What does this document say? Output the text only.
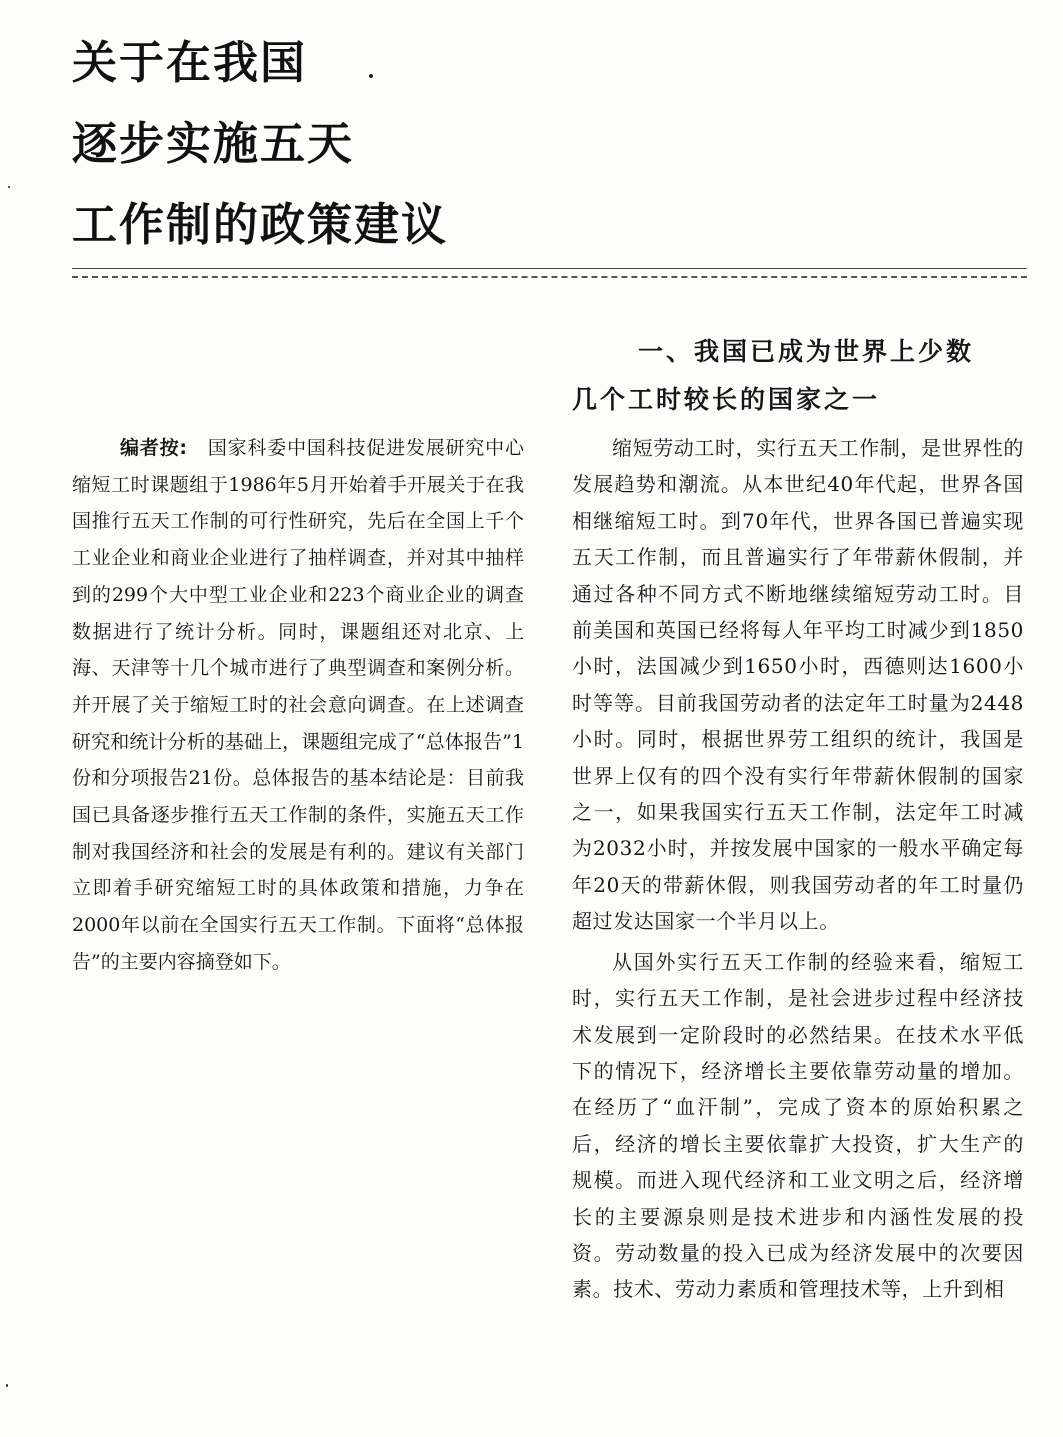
关于在我国
逐步实施五天
工作制的政策建议

编者按: 国家科委中国科技促进发展研究中心缩短工时课题组于1986年5月开始着手开展关于在我国推行五天工作制的可行性研究，先后在全国上千个工业企业和商业企业进行了抽样调查，并对其中抽样到的299个大中型工业企业和223个商业企业的调查数据进行了统计分析。同时，课题组还对北京、上海、天津等十几个城市进行了典型调查和案例分析。并开展了关于缩短工时的社会意向调查。在上述调查研究和统计分析的基础上，课题组完成了“总体报告”1份和分项报告21份。总体报告的基本结论是：目前我国已具备逐步推行五天工作制的条件，实施五天工作制对我国经济和社会的发展是有利的。建议有关部门立即着手研究缩短工时的具体政策和措施，力争在2000年以前在全国实行五天工作制。下面将“总体报告”的主要内容摘登如下。

一、我国已成为世界上少数
几个工时较长的国家之一

缩短劳动工时，实行五天工作制，是世界性的发展趋势和潮流。从本世纪40年代起，世界各国相继缩短工时。到70年代，世界各国已普遍实现五天工作制，而且普遍实行了年带薪休假制，并通过各种不同方式不断地继续缩短劳动工时。目前美国和英国已经将每人年平均工时减少到1850小时，法国减少到1650小时，西德则达1600小时等等。目前我国劳动者的法定年工时量为2448小时。同时，根据世界劳工组织的统计，我国是世界上仅有的四个没有实行年带薪休假制的国家之一，如果我国实行五天工作制，法定年工时减为2032小时，并按发展中国家的一般水平确定每年20天的带薪休假，则我国劳动者的年工时量仍超过发达国家一个半月以上。

从国外实行五天工作制的经验来看，缩短工时，实行五天工作制，是社会进步过程中经济技术发展到一定阶段时的必然结果。在技术水平低下的情况下，经济增长主要依靠劳动量的增加。在经历了“血汗制”，完成了资本的原始积累之后，经济的增长主要依靠扩大投资，扩大生产的规模。而进入现代经济和工业文明之后，经济增长的主要源泉则是技术进步和内涵性发展的投资。劳动数量的投入已成为经济发展中的次要因素。技术、劳动力素质和管理技术等，上升到相
